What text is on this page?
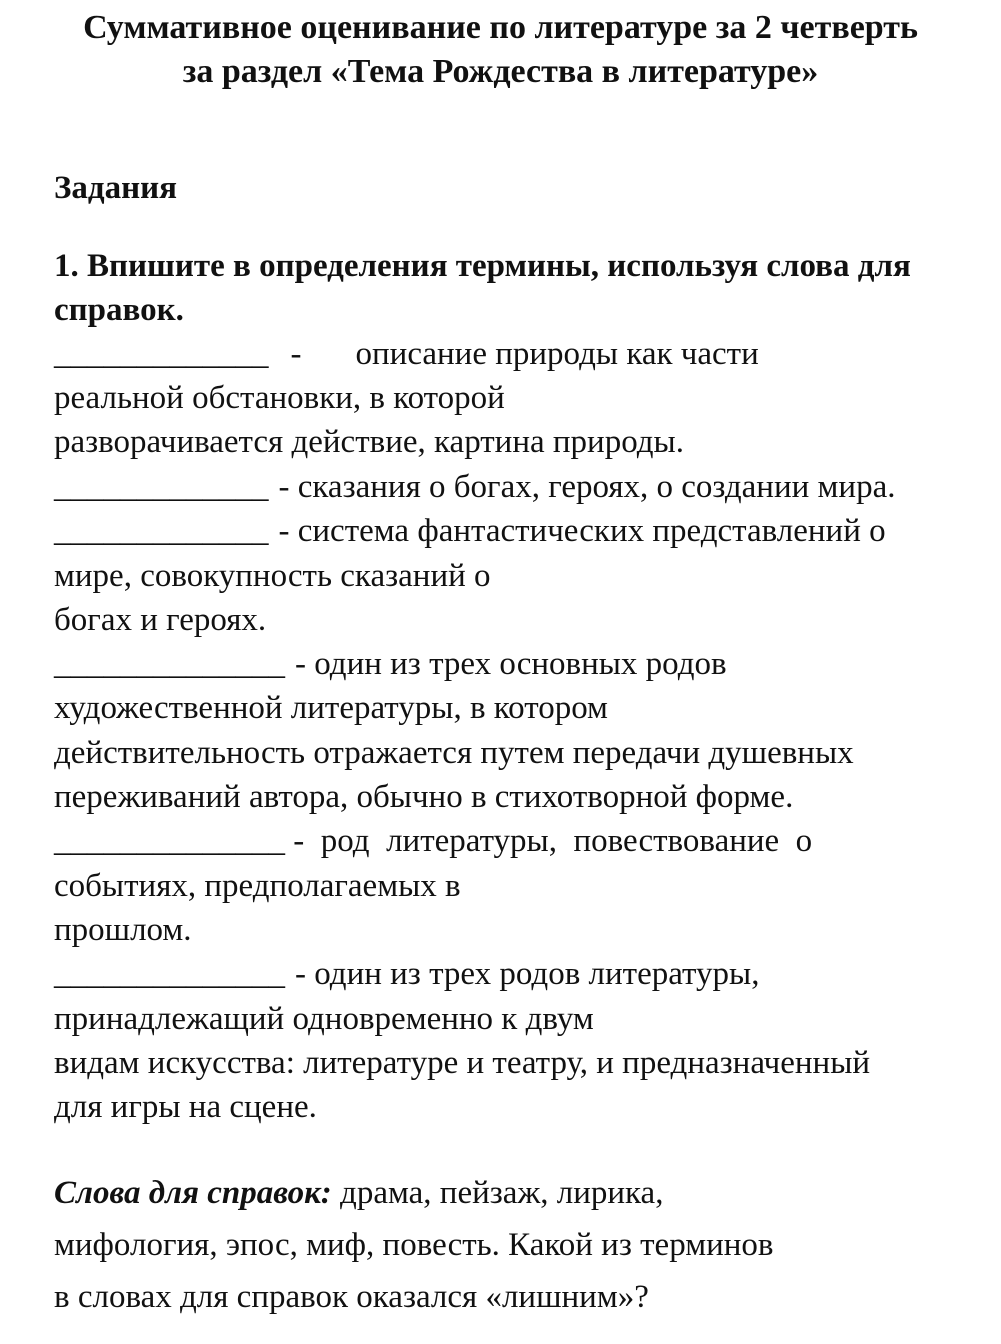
Суммативное оценивание по литературе за 2 четверть

за раздел «Тема Рождества в литературе»

Задания

1. Впишите в определения термины, используя слова для

справок.

_____________ - описание природы как части

реальной обстановки, в которой

разворачивается действие, картина природы.

_____________ - сказания о богах, героях, о создании мира.

_____________ - система фантастических представлений о

мире, совокупность сказаний о

богах и героях.

______________ - один из трех основных родов

художественной литературы, в котором

действительность отражается путем передачи душевных

переживаний автора, обычно в стихотворной форме.

______________ -  род  литературы,  повествование  о

событиях, предполагаемых в

прошлом.

______________ - один из трех родов литературы,

принадлежащий одновременно к двум

видам искусства: литературе и театру, и предназначенный

для игры на сцене.

Слова для справок: драма, пейзаж, лирика,

мифология, эпос, миф, повесть. Какой из терминов

в словах для справок оказался «лишним»?
